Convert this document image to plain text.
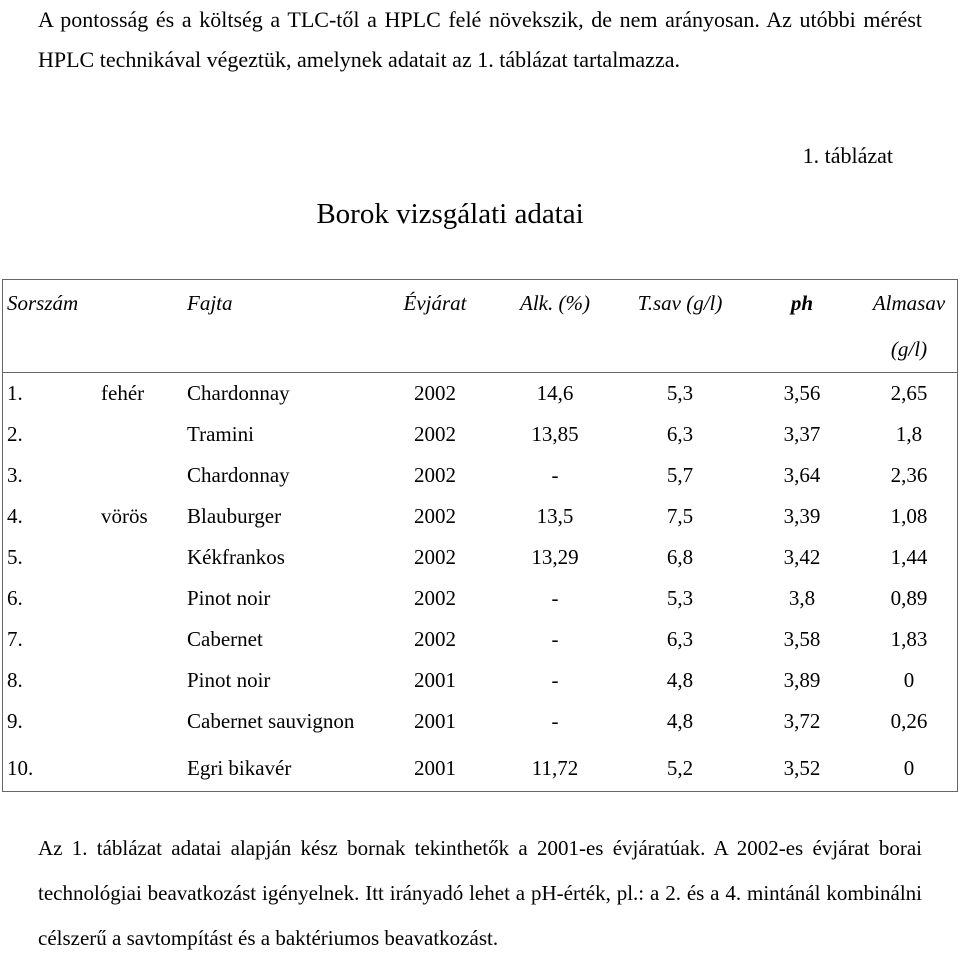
A pontosság és a költség a TLC-től a HPLC felé növekszik, de nem arányosan. Az utóbbi mérést HPLC technikával végeztük, amelynek adatait az 1. táblázat tartalmazza.

1. táblázat
Borok vizsgálati adatai
Sorszám		Fajta	Évjárat	Alk. (%)	T.sav (g/l)	ph	Almasav (g/l)
1.	fehér	Chardonnay	2002	14,6	5,3	3,56	2,65
2.		Tramini	2002	13,85	6,3	3,37	1,8
3.		Chardonnay	2002	-	5,7	3,64	2,36
4.	vörös	Blauburger	2002	13,5	7,5	3,39	1,08
5.		Kékfrankos	2002	13,29	6,8	3,42	1,44
6.		Pinot noir	2002	-	5,3	3,8	0,89
7.		Cabernet	2002	-	6,3	3,58	1,83
8.		Pinot noir	2001	-	4,8	3,89	0
9.		Cabernet sauvignon	2001	-	4,8	3,72	0,26
10.		Egri bikavér	2001	11,72	5,2	3,52	0

Az 1. táblázat adatai alapján kész bornak tekinthetők a 2001-es évjáratúak. A 2002-es évjárat borai technológiai beavatkozást igényelnek. Itt irányadó lehet a pH-érték, pl.: a 2. és a 4. mintánál kombinálni célszerű a savtompítást és a baktériumos beavatkozást.
